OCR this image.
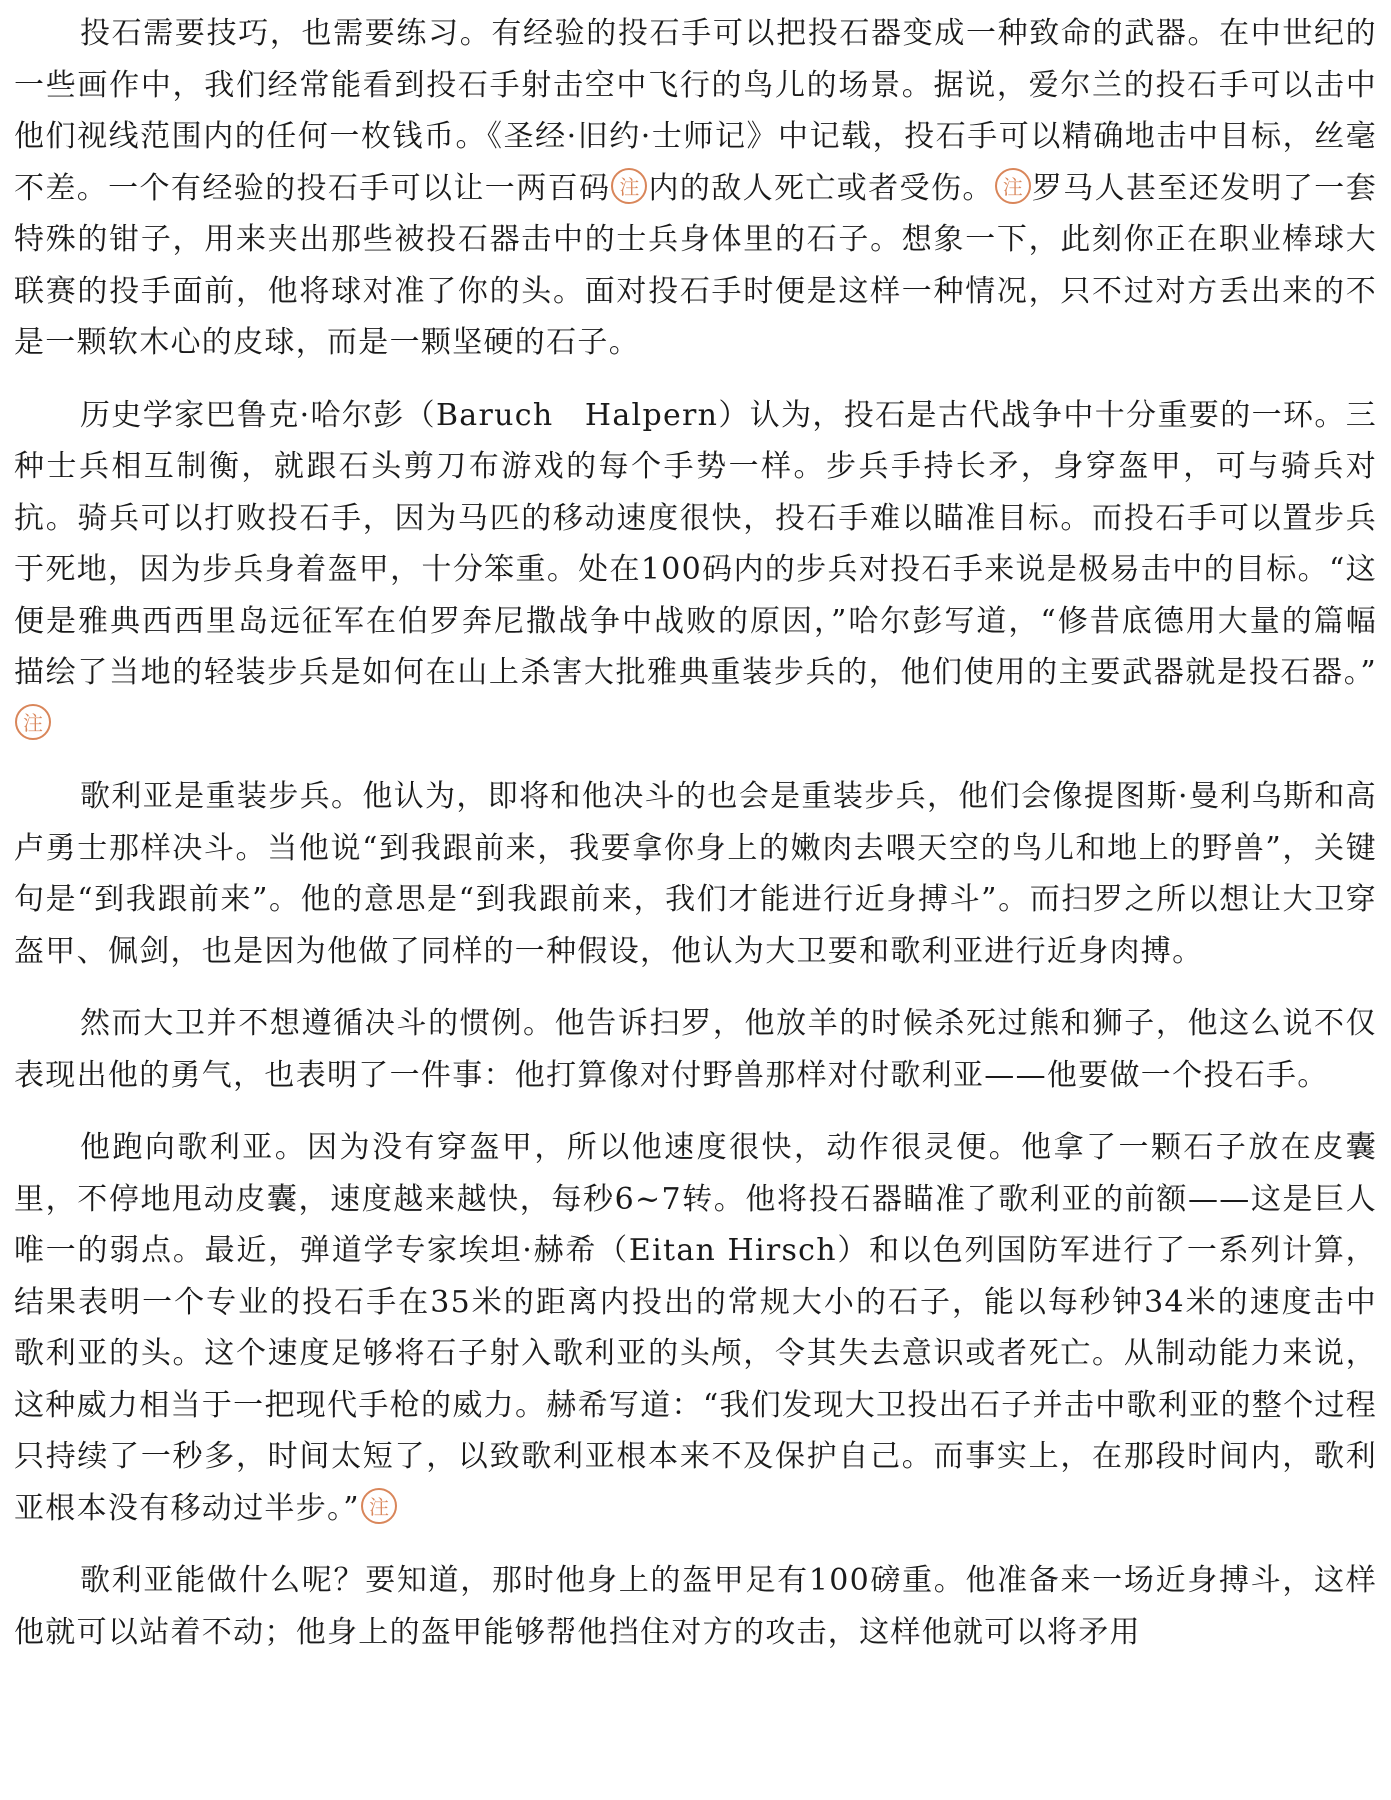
投石需要技巧，也需要练习。有经验的投石手可以把投石器变成一种致命的武器。在中世纪的一些画作中，我们经常能看到投石手射击空中飞行的鸟儿的场景。据说，爱尔兰的投石手可以击中他们视线范围内的任何一枚钱币。《圣经·旧约·士师记》中记载，投石手可以精确地击中目标，丝毫不差。一个有经验的投石手可以让一两百码 注 内的敌人死亡或者受伤。 注 罗马人甚至还发明了一套特殊的钳子，用来夹出那些被投石器击中的士兵身体里的石子。想象一下，此刻你正在职业棒球大联赛的投手面前，他将球对准了你的头。面对投石手时便是这样一种情况，只不过对方丢出来的不是一颗软木心的皮球，而是一颗坚硬的石子。

历史学家巴鲁克·哈尔彭（Baruch　Halpern）认为，投石是古代战争中十分重要的一环。三种士兵相互制衡，就跟石头剪刀布游戏的每个手势一样。步兵手持长矛，身穿盔甲，可与骑兵对抗。骑兵可以打败投石手，因为马匹的移动速度很快，投石手难以瞄准目标。而投石手可以置步兵于死地，因为步兵身着盔甲，十分笨重。处在100码内的步兵对投石手来说是极易击中的目标。“这便是雅典西西里岛远征军在伯罗奔尼撒战争中战败的原因，”哈尔彭写道，“修昔底德用大量的篇幅描绘了当地的轻装步兵是如何在山上杀害大批雅典重装步兵的，他们使用的主要武器就是投石器。”注

歌利亚是重装步兵。他认为，即将和他决斗的也会是重装步兵，他们会像提图斯·曼利乌斯和高卢勇士那样决斗。当他说“到我跟前来，我要拿你身上的嫩肉去喂天空的鸟儿和地上的野兽”，关键句是“到我跟前来”。他的意思是“到我跟前来，我们才能进行近身搏斗”。而扫罗之所以想让大卫穿盔甲、佩剑，也是因为他做了同样的一种假设，他认为大卫要和歌利亚进行近身肉搏。

然而大卫并不想遵循决斗的惯例。他告诉扫罗，他放羊的时候杀死过熊和狮子，他这么说不仅表现出他的勇气，也表明了一件事：他打算像对付野兽那样对付歌利亚——他要做一个投石手。

他跑向歌利亚。因为没有穿盔甲，所以他速度很快，动作很灵便。他拿了一颗石子放在皮囊里，不停地甩动皮囊，速度越来越快，每秒6~7转。他将投石器瞄准了歌利亚的前额——这是巨人唯一的弱点。最近，弹道学专家埃坦·赫希（Eitan Hirsch）和以色列国防军进行了一系列计算，结果表明一个专业的投石手在35米的距离内投出的常规大小的石子，能以每秒钟34米的速度击中歌利亚的头。这个速度足够将石子射入歌利亚的头颅，令其失去意识或者死亡。从制动能力来说，这种威力相当于一把现代手枪的威力。赫希写道：“我们发现大卫投出石子并击中歌利亚的整个过程只持续了一秒多，时间太短了，以致歌利亚根本来不及保护自己。而事实上，在那段时间内，歌利亚根本没有移动过半步。” 注

歌利亚能做什么呢？要知道，那时他身上的盔甲足有100磅重。他准备来一场近身搏斗，这样他就可以站着不动；他身上的盔甲能够帮他挡住对方的攻击，这样他就可以将矛用
